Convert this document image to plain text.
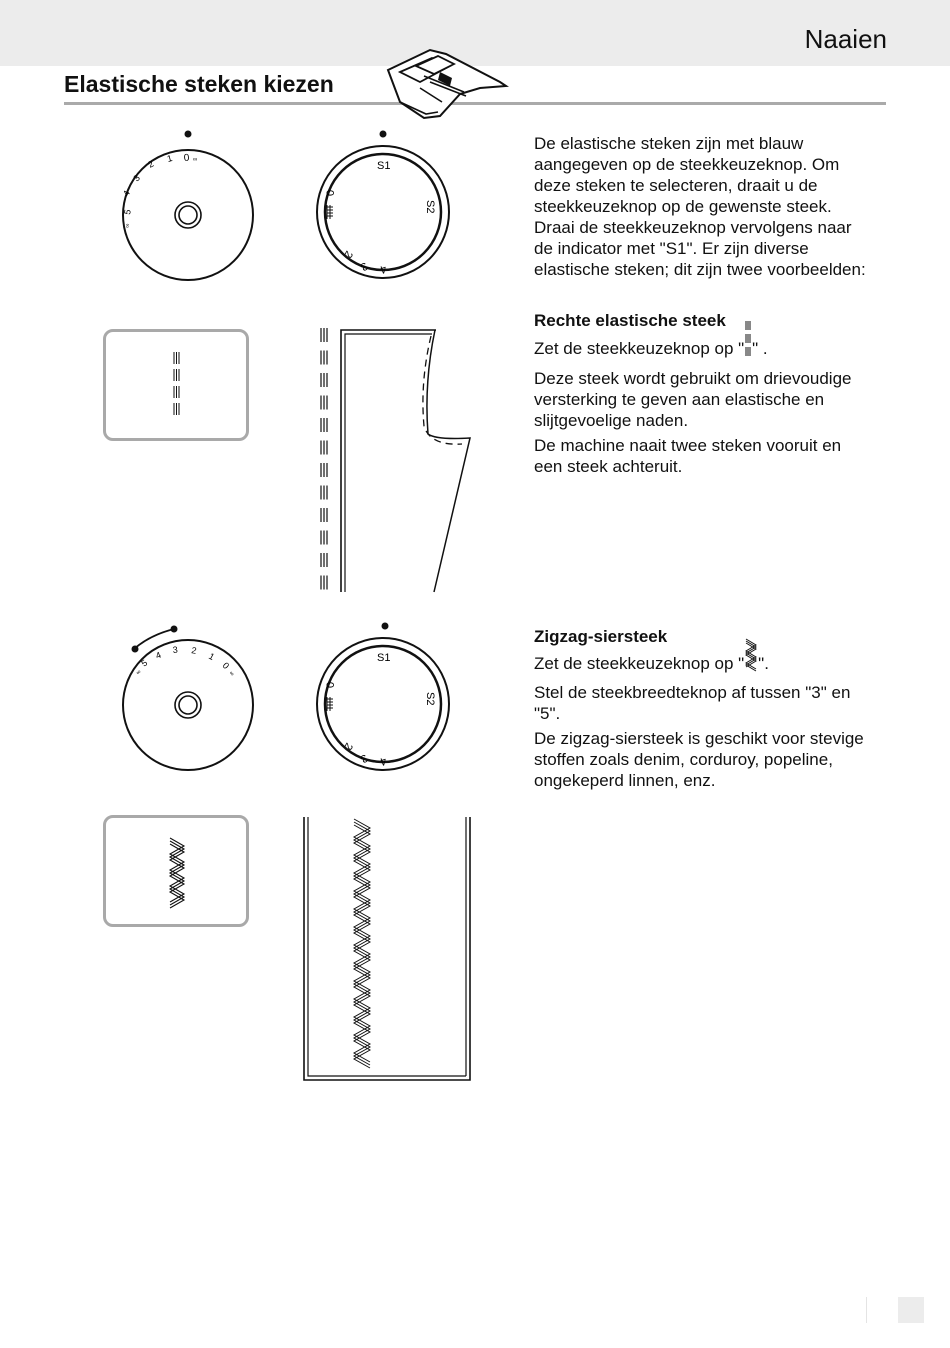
Naaien
Elastische steken kiezen
0 ∞
1
2
3
4
5
∞
S1
S2
4
3
2
0
∞
5
4 3 2
1
0
∞
S1
S2
4
3
2
0
De elastische steken zijn met blauw
aangegeven op de steekkeuzeknop. Om
deze steken te selecteren, draait u de
steekkeuzeknop op de gewenste steek.
Draai de steekkeuzeknop vervolgens naar
de indicator met "S1". Er zijn diverse
elastische steken; dit zijn twee voorbeelden:
Rechte elastische steek

Zet de steekkeuzeknop op " " .

Deze steek wordt gebruikt om drievoudige
versterking te geven aan elastische en
slijtgevoelige naden.

De machine naait twee steken vooruit en
een steek achteruit.

Zigzag-siersteek

Zet de steekkeuzeknop op " ".

Stel de steekbreedteknop af tussen "3" en
"5".

De zigzag-siersteek is geschikt voor stevige
stoffen zoals denim, corduroy, popeline,
ongekeperd linnen, enz.
